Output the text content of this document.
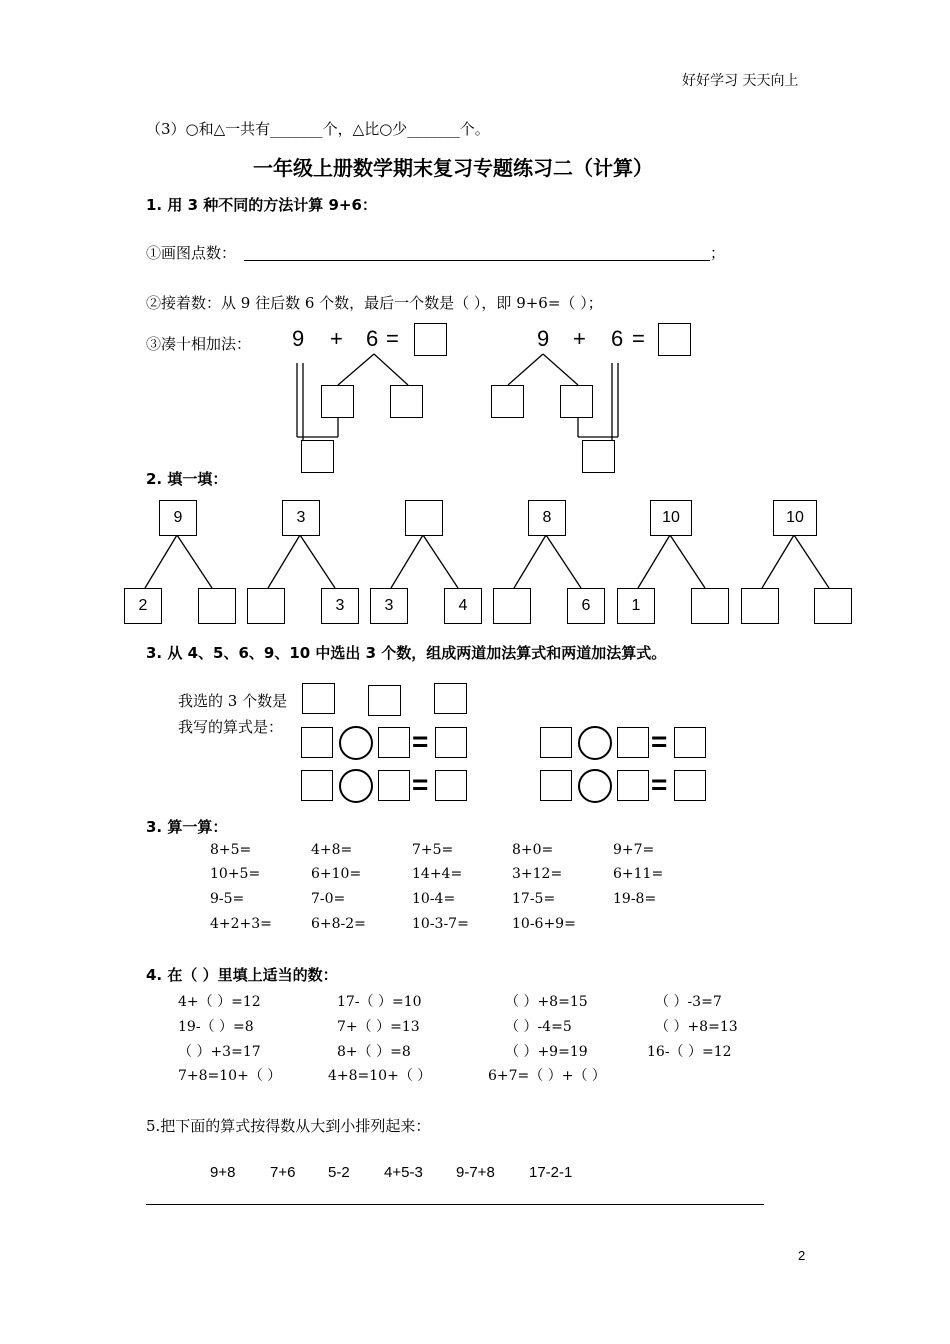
好好学习 天天向上
（3）○和△一共有_______个，△比○少_______个。
一年级上册数学期末复习专题练习二（计算）
1. 用 3 种不同的方法计算 9+6：
①画图点数：	；
②接着数：从 9 往后数 6 个数，最后一个数是（ ），即 9+6=（ ）；
③凑十相加法： 9 + 6 =	9 + 6 =
2. 填一填：
9
2
3
3	3	4
8
6
10
1
10
3. 从 4、5、6、9、10 中选出 3 个数，组成两道加法算式和两道加法算式。
我选的 3 个数是
我写的算式是：	=	=
=	=
3. 算一算：
8+5=	4+8=	7+5=	8+0=	9+7=
10+5=	6+10=	14+4=	3+12=	6+11=
9-5=	7-0=	10-4=	17-5=	19-8=
4+2+3=	6+8-2=	10-3-7=	10-6+9=
4. 在（ ）里填上适当的数：
4+（ ）=12	17-（ ）=10	（ ）+8=15	（ ）-3=7
19-（ ）=8	7+（ ）=13	（ ）-4=5	（ ）+8=13
（ ）+3=17	8+（ ）=8	（ ）+9=19	16-（ ）=12
7+8=10+（ ）	4+8=10+（ ）	6+7=（ ）+（ ）
5.把下面的算式按得数从大到小排列起来：
9+8 7+6 5-2 4+5-3 9-7+8 17-2-1
2
